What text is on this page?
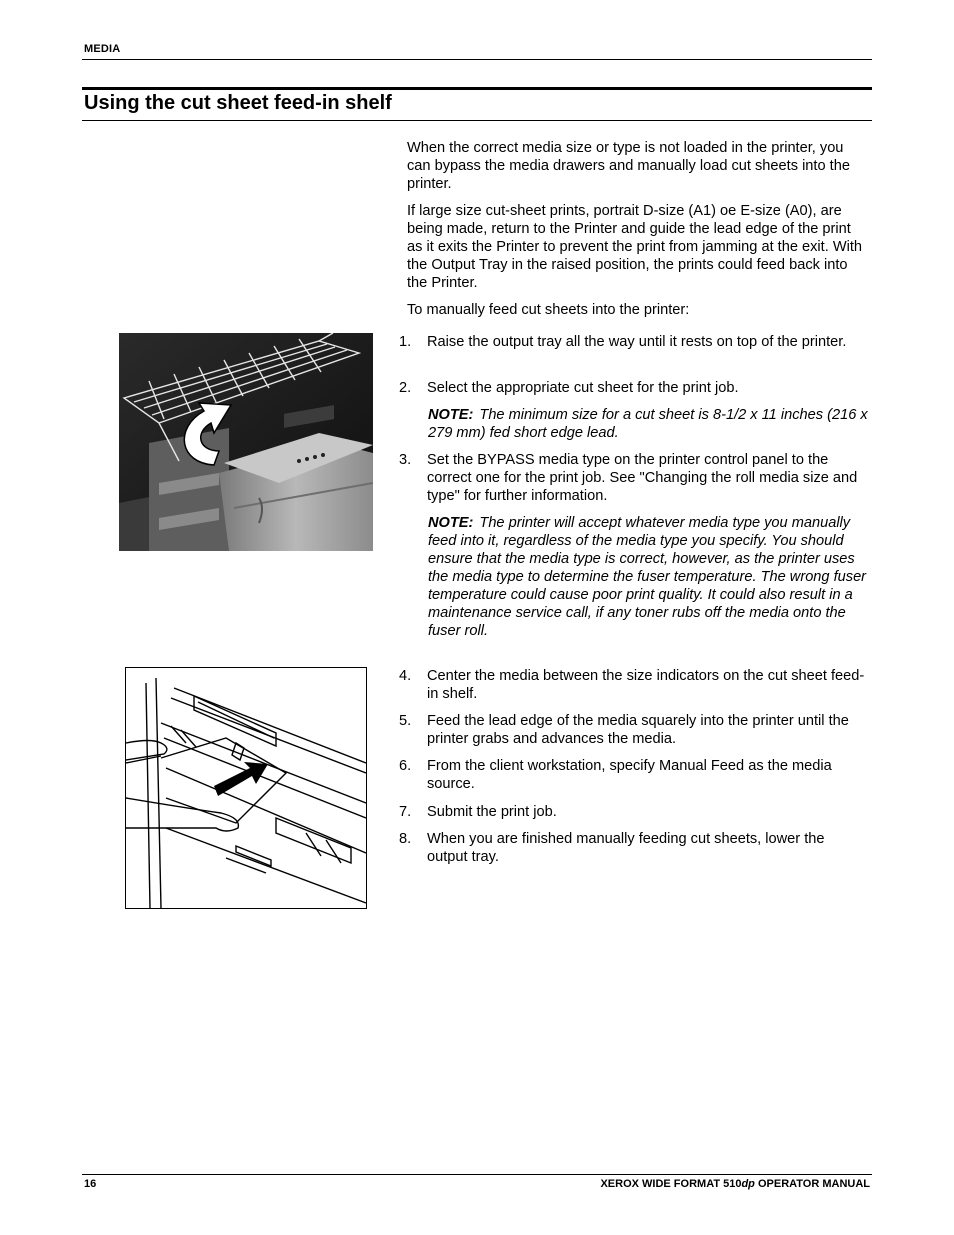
MEDIA
Using the cut sheet feed-in shelf
When the correct media size or type is not loaded in the printer, you can bypass the media drawers and manually load cut sheets into the printer.
If large size cut-sheet prints, portrait D-size (A1) oe E-size (A0), are being made, return to the Printer and guide the lead edge of the print as it exits the Printer to prevent the print from jamming at the exit. With the Output Tray in the raised position, the prints could feed back into the Printer.
To manually feed cut sheets into the printer:
1.	Raise the output tray all the way until it rests on top of the printer.
2.	Select the appropriate cut sheet for the print job.
NOTE: The minimum size for a cut sheet is 8-1/2 x 11 inches (216 x 279 mm) fed short edge lead.
3.	Set the BYPASS media type on the printer control panel to the correct one for the print job. See "Changing the roll media size and type" for further information.
NOTE: The printer will accept whatever media type you manually feed into it, regardless of the media type you specify. You should ensure that the media type is correct, however, as the printer uses the media type to determine the fuser temperature. The wrong fuser temperature could cause poor print quality. It could also result in a maintenance service call, if any toner rubs off the media onto the fuser roll.
4.	Center the media between the size indicators on the cut sheet feed-in shelf.
5.	Feed the lead edge of the media squarely into the printer until the printer grabs and advances the media.
6.	From the client workstation, specify Manual Feed as the media source.
7.	Submit the print job.
8.	When you are finished manually feeding cut sheets, lower the output tray.
16	XEROX WIDE FORMAT 510dp OPERATOR MANUAL
